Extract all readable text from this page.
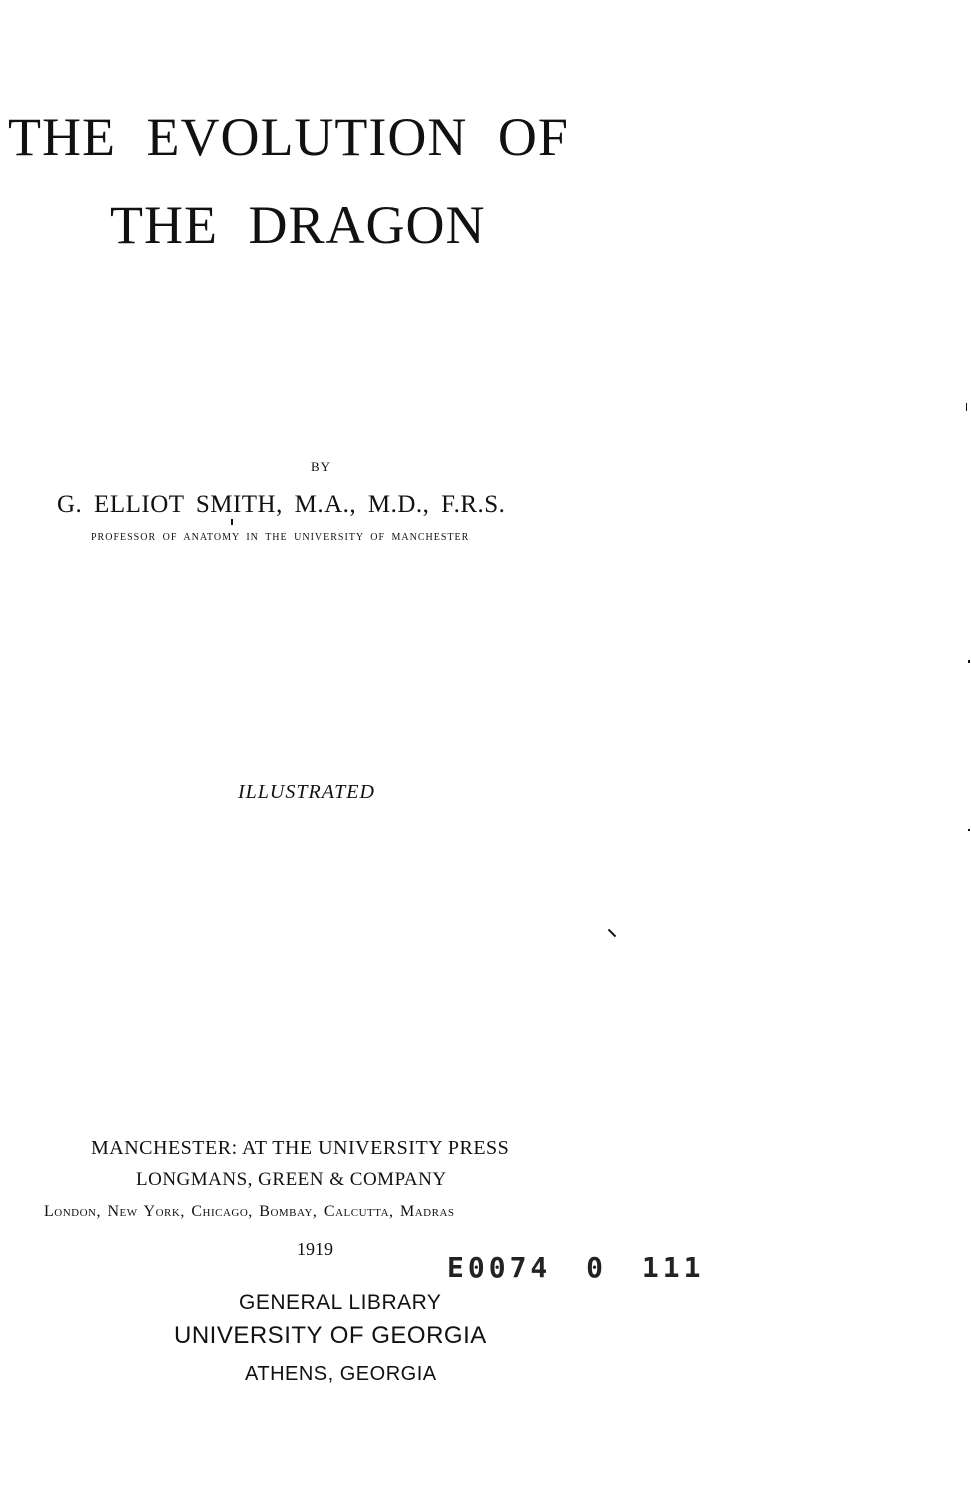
THE EVOLUTION OF
THE DRAGON
BY
G. ELLIOT SMITH, M.A., M.D., F.R.S.
PROFESSOR OF ANATOMY IN THE UNIVERSITY OF MANCHESTER
ILLUSTRATED
MANCHESTER: AT THE UNIVERSITY PRESS
LONGMANS, GREEN & COMPANY
London, New York, Chicago, Bombay, Calcutta, Madras
1919
E0074 0 111
GENERAL LIBRARY
UNIVERSITY OF GEORGIA
ATHENS, GEORGIA
